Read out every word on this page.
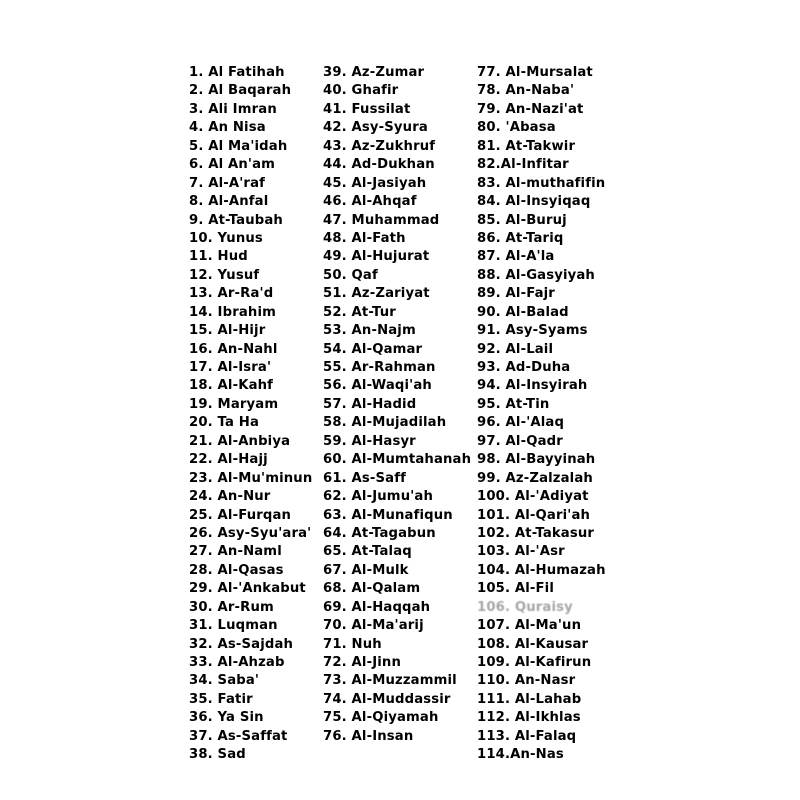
1. Al Fatihah
2. Al Baqarah
3. Ali Imran
4. An Nisa
5. Al Ma'idah
6. Al An'am
7. Al-A'raf
8. Al-Anfal
9. At-Taubah
10. Yunus
11. Hud
12. Yusuf
13. Ar-Ra'd
14. Ibrahim
15. Al-Hijr
16. An-Nahl
17. Al-Isra'
18. Al-Kahf
19. Maryam
20. Ta Ha
21. Al-Anbiya
22. Al-Hajj
23. Al-Mu'minun
24. An-Nur
25. Al-Furqan
26. Asy-Syu'ara'
27. An-Naml
28. Al-Qasas
29. Al-'Ankabut
30. Ar-Rum
31. Luqman
32. As-Sajdah
33. Al-Ahzab
34. Saba'
35. Fatir
36. Ya Sin
37. As-Saffat
38. Sad
39. Az-Zumar
40. Ghafir
41. Fussilat
42. Asy-Syura
43. Az-Zukhruf
44. Ad-Dukhan
45. Al-Jasiyah
46. Al-Ahqaf
47. Muhammad
48. Al-Fath
49. Al-Hujurat
50. Qaf
51. Az-Zariyat
52. At-Tur
53. An-Najm
54. Al-Qamar
55. Ar-Rahman
56. Al-Waqi'ah
57. Al-Hadid
58. Al-Mujadilah
59. Al-Hasyr
60. Al-Mumtahanah
61. As-Saff
62. Al-Jumu'ah
63. Al-Munafiqun
64. At-Tagabun
65. At-Talaq
67. Al-Mulk
68. Al-Qalam
69. Al-Haqqah
70. Al-Ma'arij
71. Nuh
72. Al-Jinn
73. Al-Muzzammil
74. Al-Muddassir
75. Al-Qiyamah
76. Al-Insan
77. Al-Mursalat
78. An-Naba'
79. An-Nazi'at
80. 'Abasa
81. At-Takwir
82.Al-Infitar
83. Al-muthafifin
84. Al-Insyiqaq
85. Al-Buruj
86. At-Tariq
87. Al-A'la
88. Al-Gasyiyah
89. Al-Fajr
90. Al-Balad
91. Asy-Syams
92. Al-Lail
93. Ad-Duha
94. Al-Insyirah
95. At-Tin
96. Al-'Alaq
97. Al-Qadr
98. Al-Bayyinah
99. Az-Zalzalah
100. Al-'Adiyat
101. Al-Qari'ah
102. At-Takasur
103. Al-'Asr
104. Al-Humazah
105. Al-Fil
106. Quraisy
107. Al-Ma'un
108. Al-Kausar
109. Al-Kafirun
110. An-Nasr
111. Al-Lahab
112. Al-Ikhlas
113. Al-Falaq
114.An-Nas
